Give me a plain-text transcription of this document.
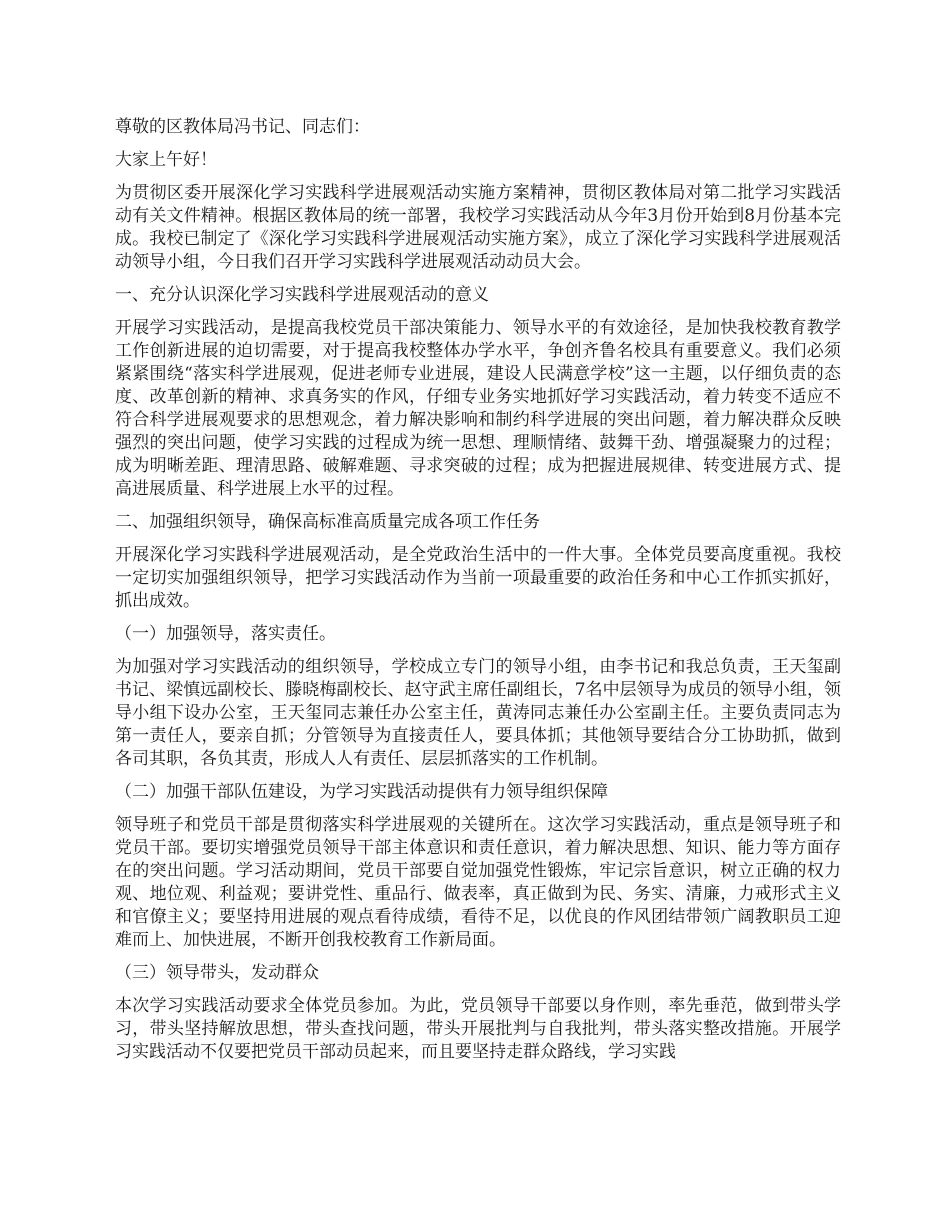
尊敬的区教体局冯书记、同志们：

大家上午好！

为贯彻区委开展深化学习实践科学进展观活动实施方案精神，贯彻区教体局对第二批学习实践活动有关文件精神。根据区教体局的统一部署，我校学习实践活动从今年3月份开始到8月份基本完成。我校已制定了《深化学习实践科学进展观活动实施方案》，成立了深化学习实践科学进展观活动领导小组，今日我们召开学习实践科学进展观活动动员大会。

一、充分认识深化学习实践科学进展观活动的意义

开展学习实践活动，是提高我校党员干部决策能力、领导水平的有效途径，是加快我校教育教学工作创新进展的迫切需要，对于提高我校整体办学水平，争创齐鲁名校具有重要意义。我们必须紧紧围绕“落实科学进展观，促进老师专业进展，建设人民满意学校”这一主题，以仔细负责的态度、改革创新的精神、求真务实的作风，仔细专业务实地抓好学习实践活动，着力转变不适应不符合科学进展观要求的思想观念，着力解决影响和制约科学进展的突出问题，着力解决群众反映强烈的突出问题，使学习实践的过程成为统一思想、理顺情绪、鼓舞干劲、增强凝聚力的过程；成为明晰差距、理清思路、破解难题、寻求突破的过程；成为把握进展规律、转变进展方式、提高进展质量、科学进展上水平的过程。

二、加强组织领导，确保高标准高质量完成各项工作任务

开展深化学习实践科学进展观活动，是全党政治生活中的一件大事。全体党员要高度重视。我校一定切实加强组织领导，把学习实践活动作为当前一项最重要的政治任务和中心工作抓实抓好，抓出成效。

（一）加强领导，落实责任。

为加强对学习实践活动的组织领导，学校成立专门的领导小组，由李书记和我总负责，王天玺副书记、梁慎远副校长、滕晓梅副校长、赵守武主席任副组长，7名中层领导为成员的领导小组，领导小组下设办公室，王天玺同志兼任办公室主任，黄涛同志兼任办公室副主任。主要负责同志为第一责任人，要亲自抓；分管领导为直接责任人，要具体抓；其他领导要结合分工协助抓，做到各司其职，各负其责，形成人人有责任、层层抓落实的工作机制。

（二）加强干部队伍建设，为学习实践活动提供有力领导组织保障

领导班子和党员干部是贯彻落实科学进展观的关键所在。这次学习实践活动，重点是领导班子和党员干部。要切实增强党员领导干部主体意识和责任意识，着力解决思想、知识、能力等方面存在的突出问题。学习活动期间，党员干部要自觉加强党性锻炼，牢记宗旨意识，树立正确的权力观、地位观、利益观；要讲党性、重品行、做表率，真正做到为民、务实、清廉，力戒形式主义和官僚主义；要坚持用进展的观点看待成绩，看待不足，以优良的作风团结带领广阔教职员工迎难而上、加快进展，不断开创我校教育工作新局面。

（三）领导带头，发动群众

本次学习实践活动要求全体党员参加。为此，党员领导干部要以身作则，率先垂范，做到带头学习，带头坚持解放思想，带头查找问题，带头开展批判与自我批判，带头落实整改措施。开展学习实践活动不仅要把党员干部动员起来，而且要坚持走群众路线，学习实践
